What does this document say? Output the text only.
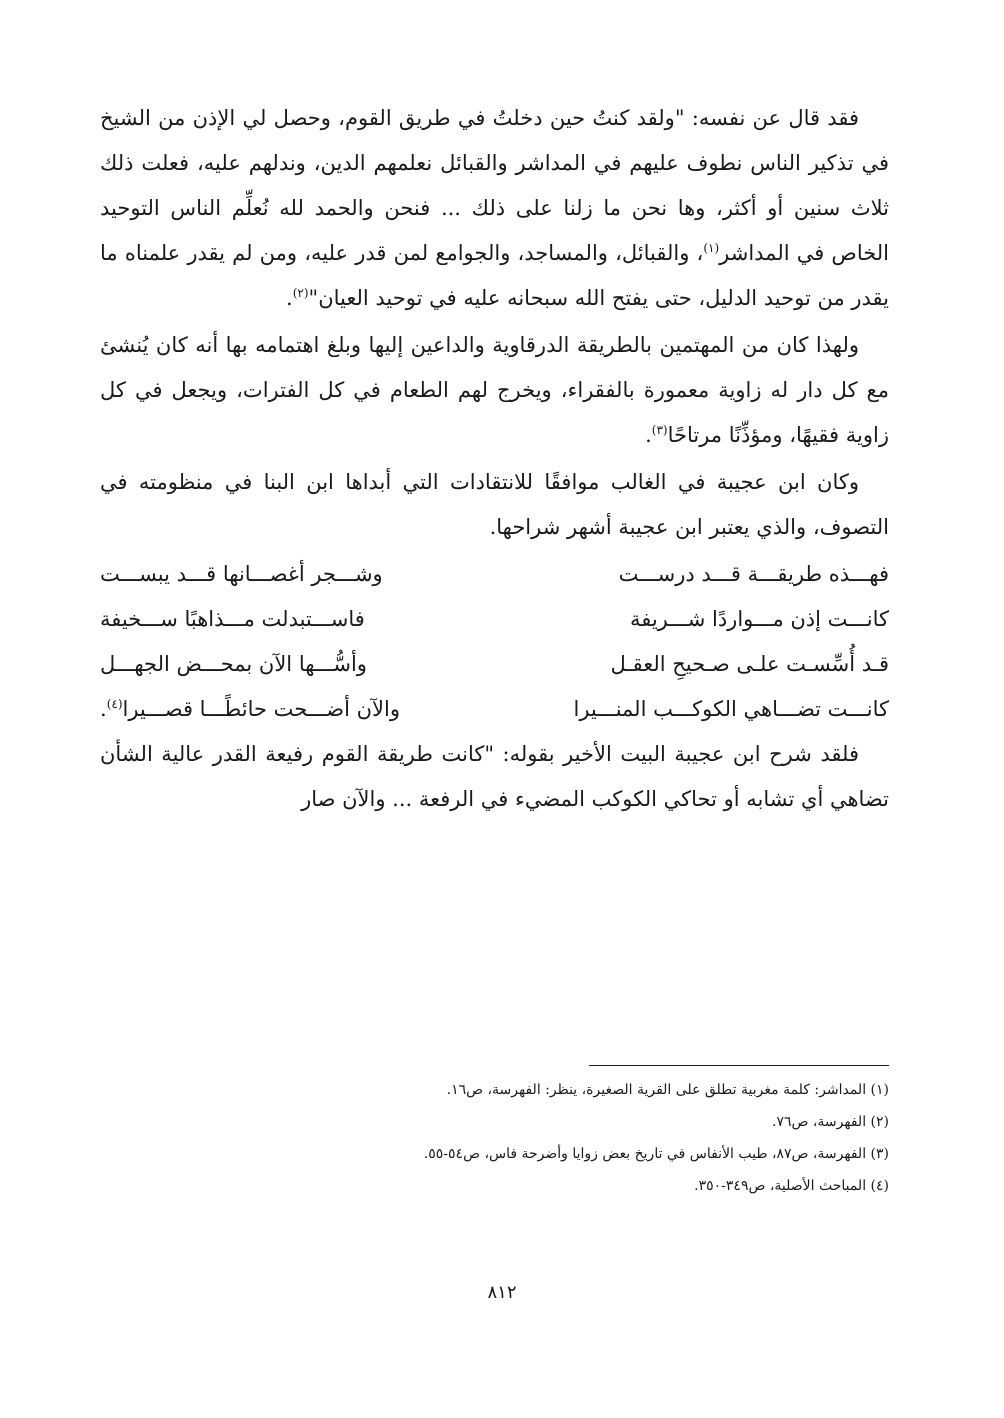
فقد قال عن نفسه: "ولقد كنتُ حين دخلتُ في طريق القوم، وحصل لي الإذن من الشيخ في تذكير الناس نطوف عليهم في المداشر والقبائل نعلمهم الدين، وندلهم عليه، فعلت ذلك ثلاث سنين أو أكثر، وها نحن ما زلنا على ذلك ... فنحن والحمد لله نُعلِّم الناس التوحيد الخاص في المداشر$^{(١)}$، والقبائل، والمساجد، والجوامع لمن قدر عليه، ومن لم يقدر علمناه ما يقدر من توحيد الدليل، حتى يفتح الله سبحانه عليه في توحيد العيان"$^{(٢)}$.

ولهذا كان من المهتمين بالطريقة الدرقاوية والداعين إليها وبلغ اهتمامه بها أنه كان يُنشئ مع كل دار له زاوية معمورة بالفقراء، ويخرج لهم الطعام في كل الفترات، ويجعل في كل زاوية فقيهًا، ومؤذِّنًا مرتاحًا$^{(٣)}$.

وكان ابن عجيبة في الغالب موافقًا للانتقادات التي أبداها ابن البنا في منظومته في التصوف، والذي يعتبر ابن عجيبة أشهر شراحها.

فهـــذه طريقـــة قـــد درســـت
وشـــجر أغصـــانها قـــد يبســـت
كانـــت إذن مـــواردًا شـــريفة
فاســـتبدلت مـــذاهبًا ســـخيفة
قـد أُسِّسـت علـى صـحيحِ العقـل
وأسُّـــها الآن بمحـــض الجهـــل
كانـــت تضـــاهي الكوكـــب المنـــيرا
والآن أضـــحت حائطًـــا قصـــيرا$^{(٤)}$.

فلقد شرح ابن عجيبة البيت الأخير بقوله: "كانت طريقة القوم رفيعة القدر عالية الشأن تضاهي أي تشابه أو تحاكي الكوكب المضيء في الرفعة ... والآن صار

(١) المداشر: كلمة مغربية تطلق على القرية الصغيرة، ينظر: الفهرسة، ص١٦.
(٢) الفهرسة، ص٧٦.
(٣) الفهرسة، ص٨٧، طيب الأنفاس في تاريخ بعض زوايا وأضرحة فاس، ص٥٤-٥٥.
(٤) المباحث الأصلية، ص٣٤٩-٣٥٠.
٨١٢
